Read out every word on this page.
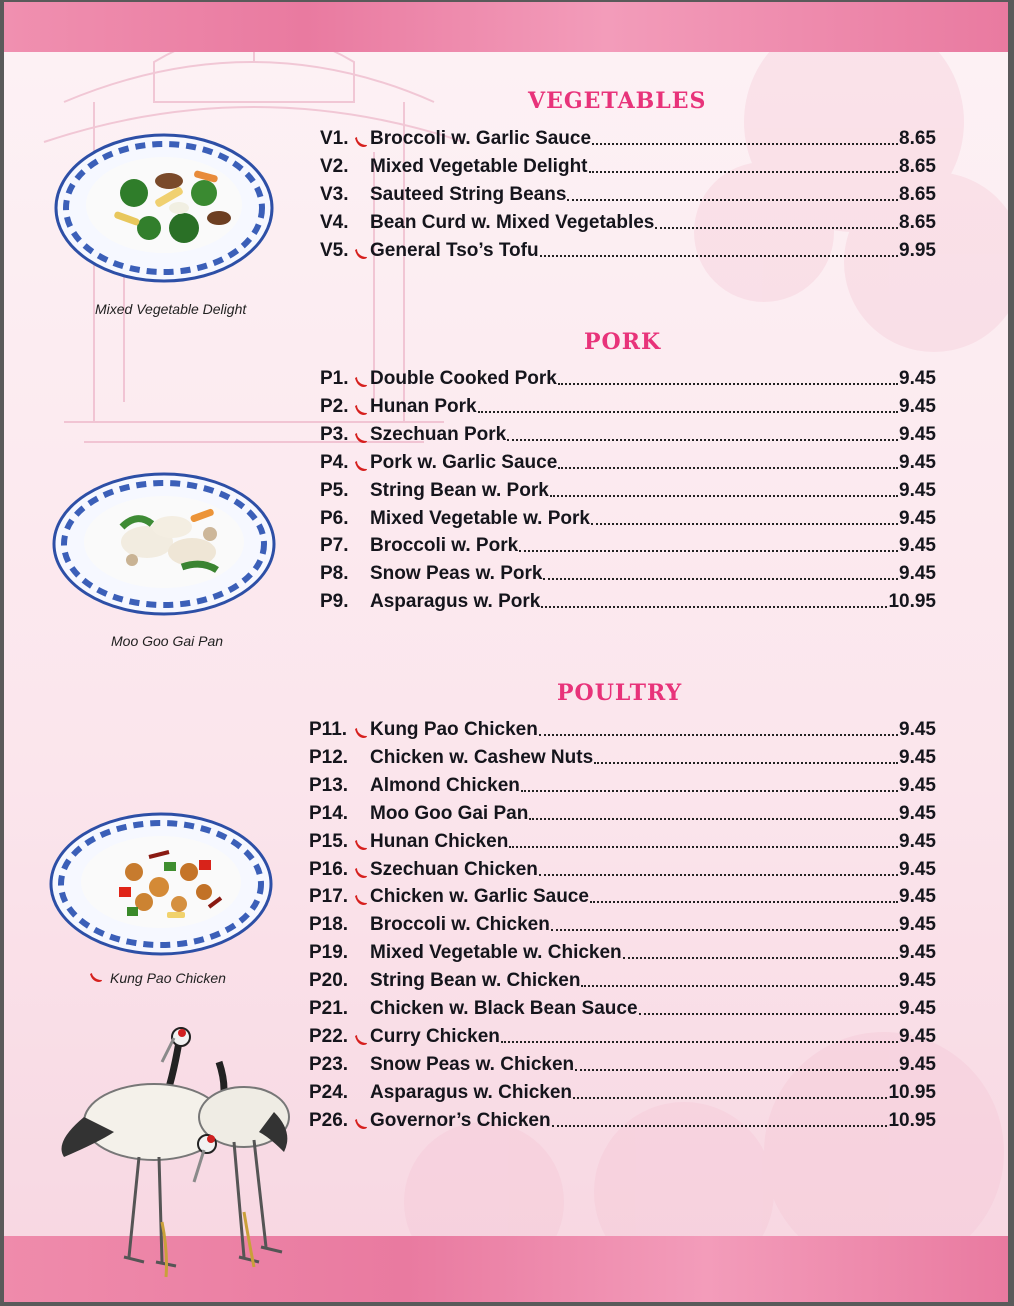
Mixed Vegetable Delight
Moo Goo Gai Pan
Kung Pao Chicken
VEGETABLES
PORK
POULTRY
V1. Broccoli w. Garlic Sauce	8.65
V2. Mixed Vegetable Delight	8.65
V3. Sauteed String Beans	8.65
V4. Bean Curd w. Mixed Vegetables	8.65
V5. General Tso’s Tofu	9.95
P1. Double Cooked Pork	9.45
P2. Hunan Pork	9.45
P3. Szechuan Pork	9.45
P4. Pork w. Garlic Sauce	9.45
P5. String Bean w. Pork	9.45
P6. Mixed Vegetable w. Pork	9.45
P7. Broccoli w. Pork	9.45
P8. Snow Peas w. Pork	9.45
P9. Asparagus w. Pork	10.95
P11.	Kung Pao Chicken	9.45
P12.	Chicken w. Cashew Nuts	9.45
P13.	Almond Chicken	9.45
P14.	Moo Goo Gai Pan	9.45
P15.	Hunan Chicken	9.45
P16.	Szechuan Chicken	9.45
P17.	Chicken w. Garlic Sauce	9.45
P18.	Broccoli w. Chicken	9.45
P19.	Mixed Vegetable w. Chicken	9.45
P20.	String Bean w. Chicken	9.45
P21.	Chicken w. Black Bean Sauce	9.45
P22.	Curry Chicken	9.45
P23.	Snow Peas w. Chicken	9.45
P24.	Asparagus w. Chicken	10.95
P26.	Governor’s Chicken	10.95
